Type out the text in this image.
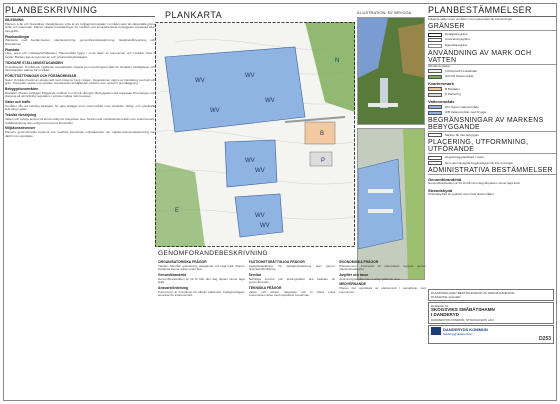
PLANBESKRIVNING
INLEDNING
Planens syfte och huvuddrag. Detaljplanens syfte är att möjliggöra bostäder i området samt att säkerställa gröna stråk och naturmark. Planen skapar förutsättningar för småhus och kompletterande bebyggelse anpassad efter topografin.
Planhandlingar
Plankarta med bestämmelser, planbeskrivning, genomförandebeskrivning, fastighetsförteckning och illustrationer.
Plandata
Läge, areal och markägoförhållanden. Planområdet ligger i norra delen av kommunen och omfattar cirka 2 hektar. Marken ägs av kommunen och privata fastighetsägare.
TIDIGARE STÄLLNINGSTAGANDEN
Översiktsplan. Området är i gällande översiktsplan utpekat som utredningsområde för bostäder. Detaljplaner och förordnanden saknas för området.
FÖRUTSÄTTNINGAR OCH FÖRÄNDRINGAR
Natur. Området består av skogsmark med inslag av berg i dagen. Vegetationen utgörs av blandskog med tall och gran. Topografin sluttar mot sydväst. Geotekniska förhållanden bedöms som goda för grundläggning.
Bebyggelseområden
Bostäder. Planen möjliggör friliggande småhus i en till två våningar. Bebyggelsen ska anpassas till terrängen och placeras så att befintlig vegetation i största möjliga mån bevaras.
Gator och trafik
Området nås via befintlig lokalgata. Ny gata anläggs inom planområdet med vändplan. Gång- och cykeltrafik leds längs gatan.
Teknisk försörjning
Vatten och avlopp ansluts till kommunalt nät. Dagvatten ska i första hand omhändertas lokalt inom kvartersmark. Avfallshantering sker enligt kommunens föreskrifter.
Miljökonsekvenser
Planens genomförande bedöms inte medföra betydande miljöpåverkan. En miljökonsekvensbeskrivning har därför inte upprättats.
PLANKARTA
WV
WV
WV
WV
WV
WV
WV
WV
N
P
B
E
ILLUSTRATION: NY BRYGGA PLANBESTÄMMELSER
Följande gäller inom områden med nedanstående beteckningar
GRÄNSER
Detaljplanegräns
Användningsgräns
Egenskapsgräns
ANVÄNDNING AV MARK OCH VATTEN
Allmänna platser
LOKALGATA Lokaltrafik
NATUR Naturområde
Kvartersmark
B Bostäder
P Parkering
Vattenområde
WV Öppen vattenområde
WB Vattenområde med brygga
BEGRÄNSNINGAR AV MARKENS BEBYGGANDE
Marken får inte bebyggas
PLACERING, UTFORMNING, UTFÖRANDE
Högsta byggnadshöjd i meter
Den sammanlagda byggnadsytan får inte överstiga
ADMINISTRATIVA BESTÄMMELSER
Genomförandetid
Genomförandetiden är 10 år från den dag då planen vinner laga kraft
Strandskydd
Strandskyddet är upphävt inom hela planområdet
GENOMFÖRANDEBESKRIVNING
ORGANISATORISKA FRÅGOR
Tidplan. Samråd, granskning, antagande och laga kraft. Planen beräknas kunna antas under året.
Genomförandetid
Genomförandetiden är 10 år från den dag planen vinner laga kraft.
Ansvarsfördelning
Kommunen är huvudman för allmän platsmark. Fastighetsägare ansvarar för kvartersmark.
FASTIGHETSRÄTTSLIGA FRÅGOR
Fastighetsbildning. Ny fastighetsindelning sker genom lantmäteriförrättning.
Servitut
Befintliga servitut och ledningsrätter ska beaktas vid genomförandet.
TEKNISKA FRÅGOR
Vatten och avlopp, dagvatten och el utförs enligt överenskommelse med respektive huvudman.
EKONOMISKA FRÅGOR
Planekonomi. Kostnader för planarbetet regleras genom plankostnadsavtal.
Avgifter och taxor
Anslutningsavgifter tas ut enligt gällande taxa.
MEDVERKANDE
Planen har upprättats av plankonsult i samarbete med kommunen.	PLANFÖRSLAGET BESTÅR ENDAST AV DENNA HANDLING
PLANAVTAL GÄLLER
Detaljplan för
SKOGSVIKS SMÅBÅTSHAMN
I DANDERYD
DANDERYDS KOMMUN, STOCKHOLMS LÄN
DANDERYDS KOMMUN
Stadsbyggnadskontoret
D253
